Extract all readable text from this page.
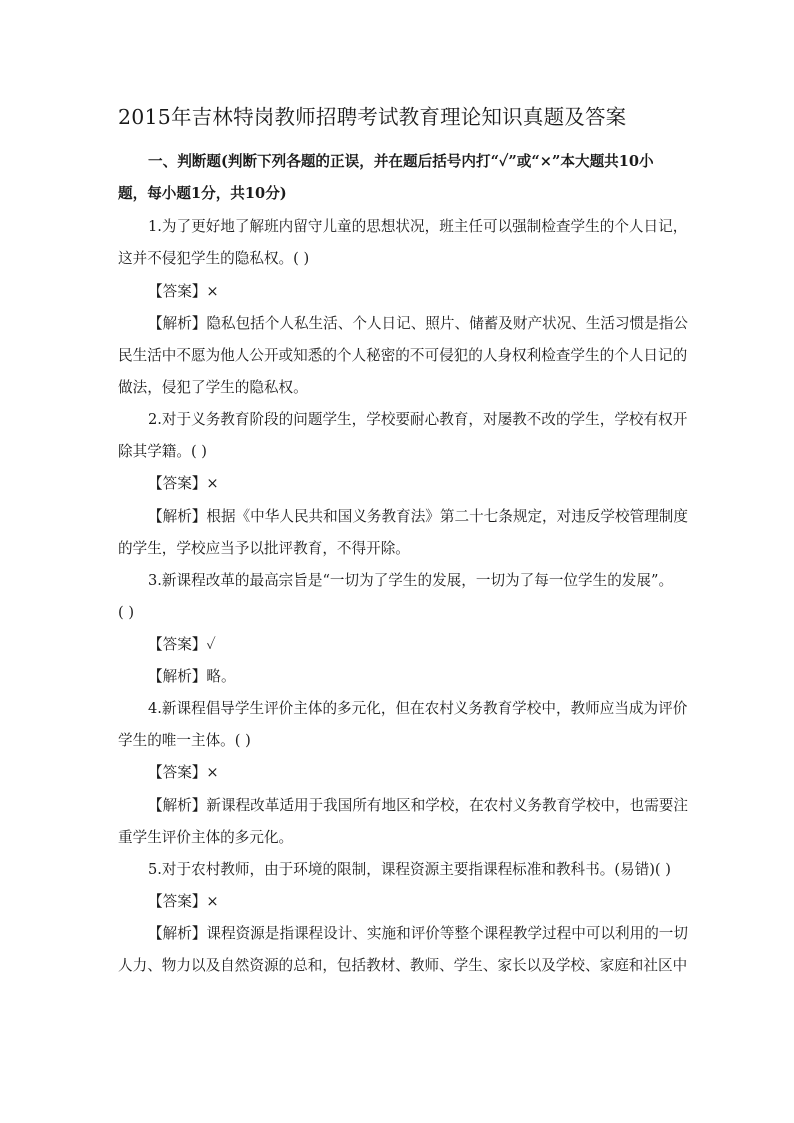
2015年吉林特岗教师招聘考试教育理论知识真题及答案
一、判断题(判断下列各题的正误，并在题后括号内打“✓”或“×”本大题共10小
题，每小题1分，共10分)
1.为了更好地了解班内留守儿童的思想状况，班主任可以强制检查学生的个人日记，
这并不侵犯学生的隐私权。( )
【答案】×
【解析】隐私包括个人私生活、个人日记、照片、储蓄及财产状况、生活习惯是指公
民生活中不愿为他人公开或知悉的个人秘密的不可侵犯的人身权利检查学生的个人日记的
做法，侵犯了学生的隐私权。
2.对于义务教育阶段的问题学生，学校要耐心教育，对屡教不改的学生，学校有权开
除其学籍。( )
【答案】×
【解析】根据《中华人民共和国义务教育法》第二十七条规定，对违反学校管理制度
的学生，学校应当予以批评教育，不得开除。
3.新课程改革的最高宗旨是“一切为了学生的发展，一切为了每一位学生的发展”。
( )
【答案】✓
【解析】略。
4.新课程倡导学生评价主体的多元化，但在农村义务教育学校中，教师应当成为评价
学生的唯一主体。( )
【答案】×
【解析】新课程改革适用于我国所有地区和学校，在农村义务教育学校中，也需要注
重学生评价主体的多元化。
5.对于农村教师，由于环境的限制，课程资源主要指课程标准和教科书。(易错)( )
【答案】×
【解析】课程资源是指课程设计、实施和评价等整个课程教学过程中可以利用的一切
人力、物力以及自然资源的总和，包括教材、教师、学生、家长以及学校、家庭和社区中
